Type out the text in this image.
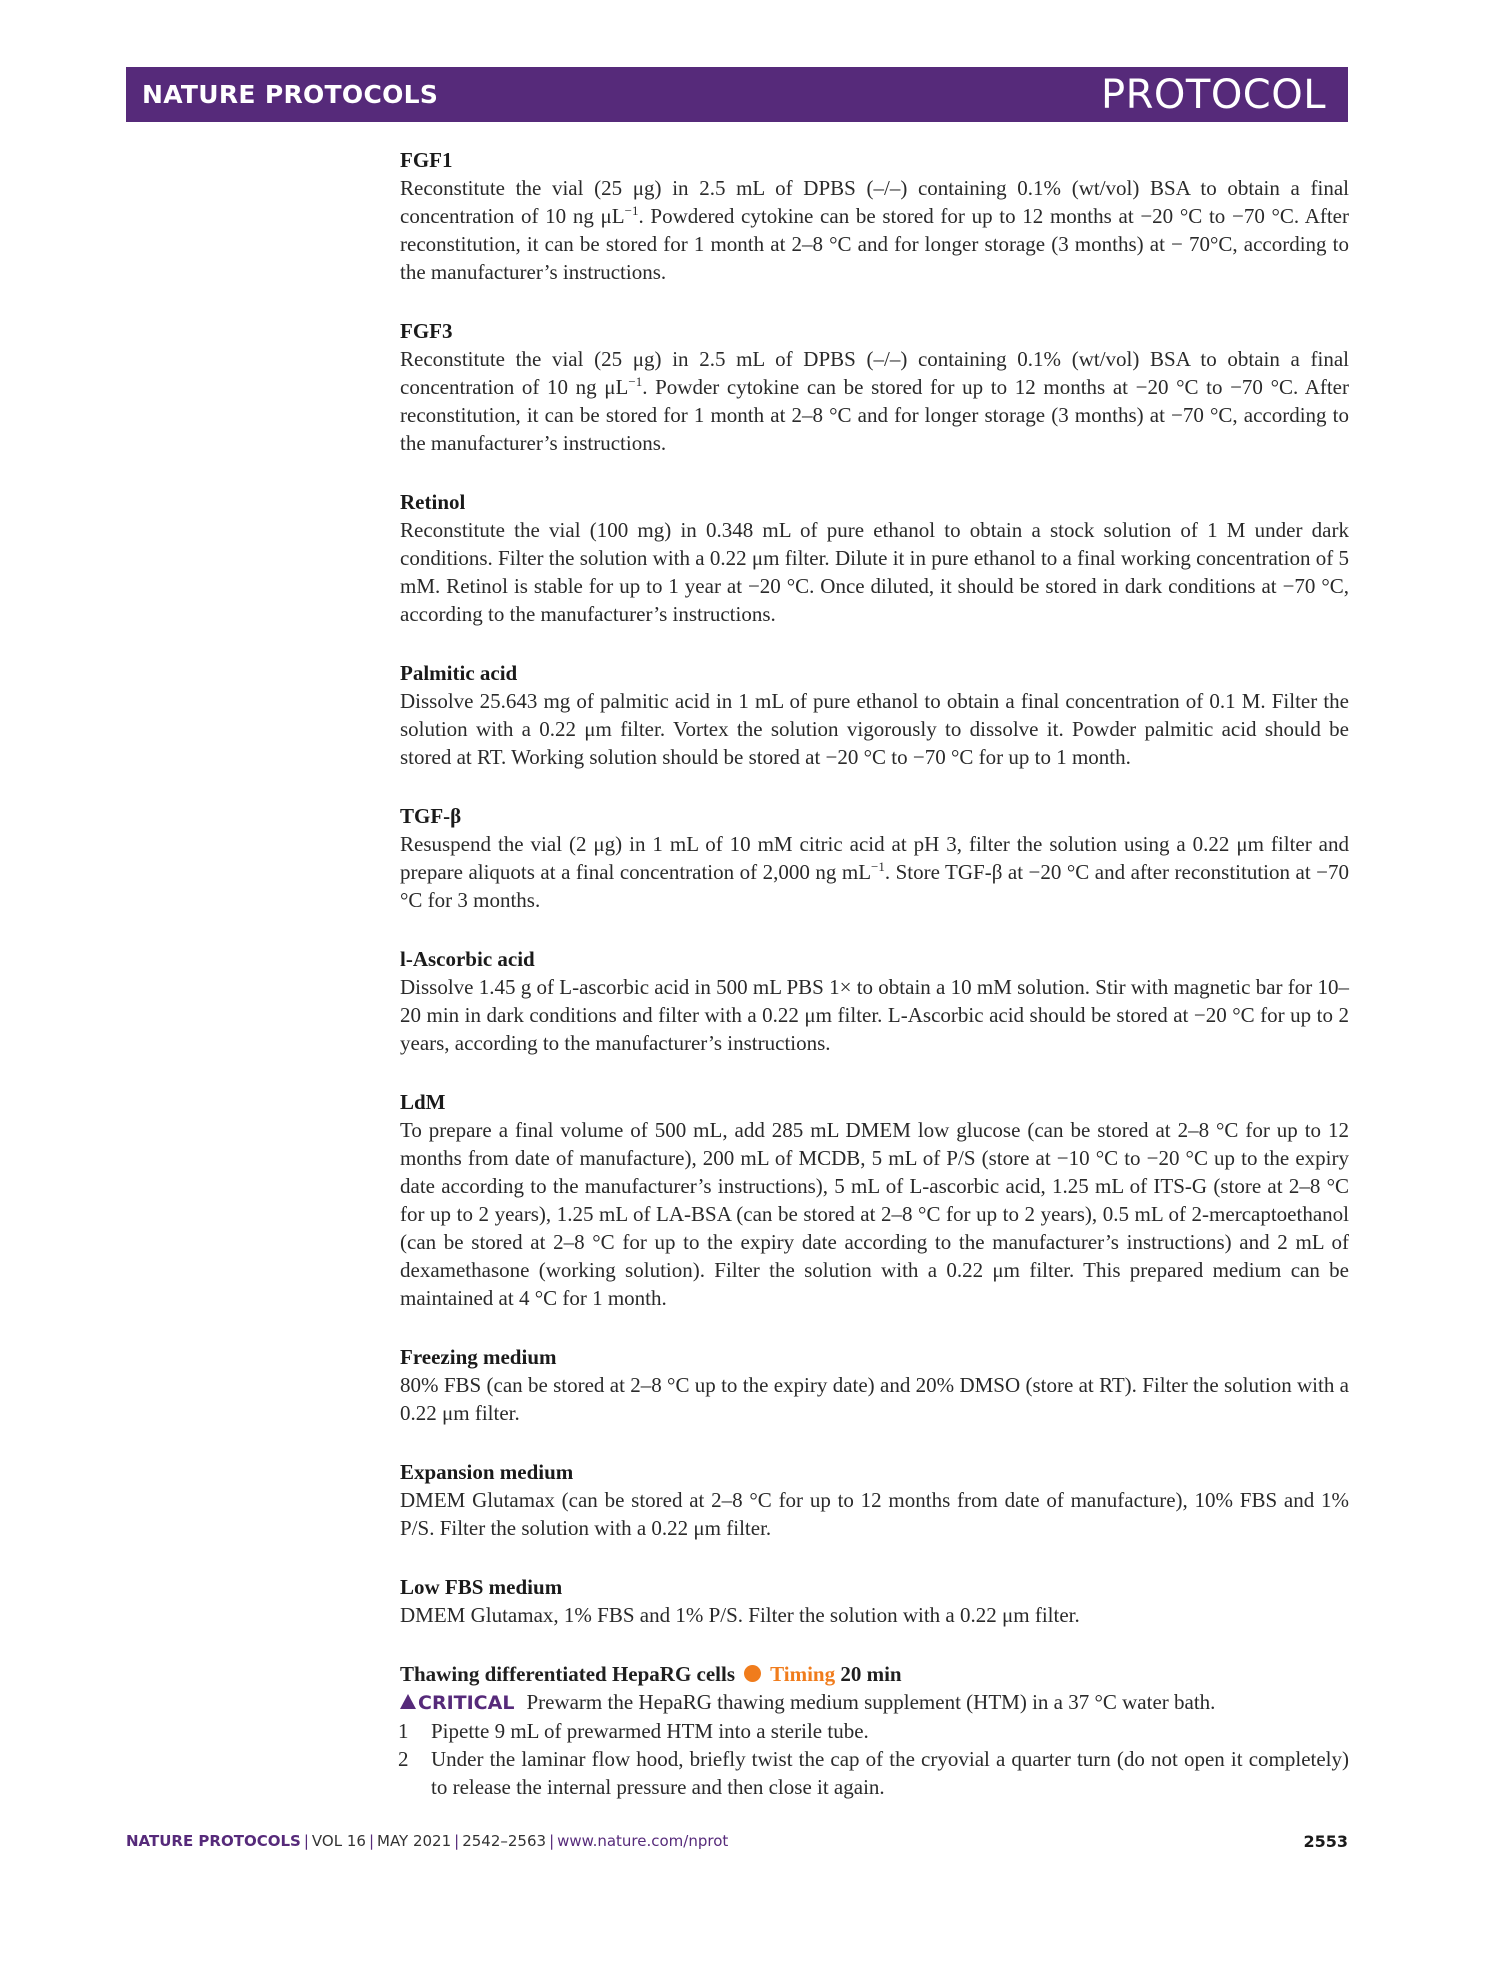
NATURE PROTOCOLS	PROTOCOL
FGF1
Reconstitute the vial (25 μg) in 2.5 mL of DPBS (–/–) containing 0.1% (wt/vol) BSA to obtain a final concentration of 10 ng $\mu L^{-1}$. Powdered cytokine can be stored for up to 12 months at −20 °C to −70 °C. After reconstitution, it can be stored for 1 month at 2–8 °C and for longer storage (3 months) at − 70°C, according to the manufacturer’s instructions.
FGF3
Reconstitute the vial (25 μg) in 2.5 mL of DPBS (–/–) containing 0.1% (wt/vol) BSA to obtain a final concentration of 10 ng $\mu L^{-1}$. Powder cytokine can be stored for up to 12 months at −20 °C to −70 °C. After reconstitution, it can be stored for 1 month at 2–8 °C and for longer storage (3 months) at −70 °C, according to the manufacturer’s instructions.
Retinol
Reconstitute the vial (100 mg) in 0.348 mL of pure ethanol to obtain a stock solution of 1 M under dark conditions. Filter the solution with a 0.22 μm filter. Dilute it in pure ethanol to a final working concentration of 5 mM. Retinol is stable for up to 1 year at −20 °C. Once diluted, it should be stored in dark conditions at −70 °C, according to the manufacturer’s instructions.
Palmitic acid
Dissolve 25.643 mg of palmitic acid in 1 mL of pure ethanol to obtain a final concentration of 0.1 M. Filter the solution with a 0.22 μm filter. Vortex the solution vigorously to dissolve it. Powder palmitic acid should be stored at RT. Working solution should be stored at −20 °C to −70 °C for up to 1 month.
TGF-β
Resuspend the vial (2 μg) in 1 mL of 10 mM citric acid at pH 3, filter the solution using a 0.22 μm filter and prepare aliquots at a final concentration of 2,000 ng $mL^{-1}$. Store TGF-β at −20 °C and after reconstitution at −70 °C for 3 months.
l-Ascorbic acid
Dissolve 1.45 g of L-ascorbic acid in 500 mL PBS 1× to obtain a 10 mM solution. Stir with magnetic bar for 10–20 min in dark conditions and filter with a 0.22 μm filter. L-Ascorbic acid should be stored at −20 °C for up to 2 years, according to the manufacturer’s instructions.
LdM
To prepare a final volume of 500 mL, add 285 mL DMEM low glucose (can be stored at 2–8 °C for up to 12 months from date of manufacture), 200 mL of MCDB, 5 mL of P/S (store at −10 °C to −20 °C up to the expiry date according to the manufacturer’s instructions), 5 mL of L-ascorbic acid, 1.25 mL of ITS-G (store at 2–8 °C for up to 2 years), 1.25 mL of LA-BSA (can be stored at 2–8 °C for up to 2 years), 0.5 mL of 2-mercaptoethanol (can be stored at 2–8 °C for up to the expiry date according to the manufacturer’s instructions) and 2 mL of dexamethasone (working solution). Filter the solution with a 0.22 μm filter. This prepared medium can be maintained at 4 °C for 1 month.
Freezing medium
80% FBS (can be stored at 2–8 °C up to the expiry date) and 20% DMSO (store at RT). Filter the solution with a 0.22 μm filter.
Expansion medium
DMEM Glutamax (can be stored at 2–8 °C for up to 12 months from date of manufacture), 10% FBS and 1% P/S. Filter the solution with a 0.22 μm filter.
Low FBS medium
DMEM Glutamax, 1% FBS and 1% P/S. Filter the solution with a 0.22 μm filter.
Thawing differentiated HepaRG cells Timing 20 min
CRITICAL Prewarm the HepaRG thawing medium supplement (HTM) in a 37 °C water bath.
1	Pipette 9 mL of prewarmed HTM into a sterile tube.
2	Under the laminar flow hood, briefly twist the cap of the cryovial a quarter turn (do not open it completely) to release the internal pressure and then close it again.
NATURE PROTOCOLS | VOL 16 | MAY 2021 | 2542–2563 | www.nature.com/nprot	2553
